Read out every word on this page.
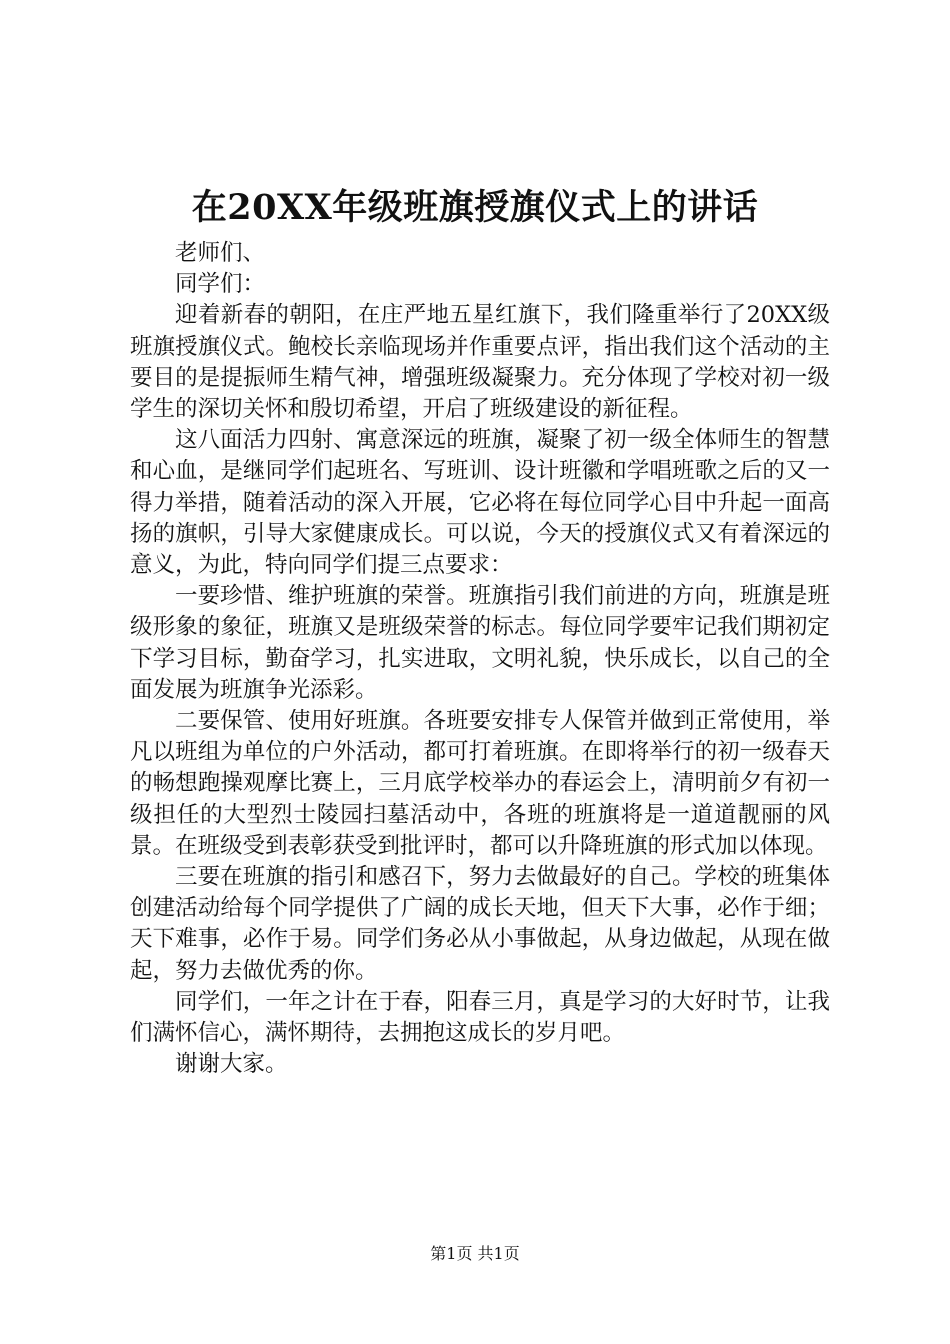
在20XX年级班旗授旗仪式上的讲话

老师们、

同学们：

迎着新春的朝阳，在庄严地五星红旗下，我们隆重举行了20XX级班旗授旗仪式。鲍校长亲临现场并作重要点评，指出我们这个活动的主要目的是提振师生精气神，增强班级凝聚力。充分体现了学校对初一级学生的深切关怀和殷切希望，开启了班级建设的新征程。

这八面活力四射、寓意深远的班旗，凝聚了初一级全体师生的智慧和心血，是继同学们起班名、写班训、设计班徽和学唱班歌之后的又一得力举措，随着活动的深入开展，它必将在每位同学心目中升起一面高扬的旗帜，引导大家健康成长。可以说，今天的授旗仪式又有着深远的意义，为此，特向同学们提三点要求：

一要珍惜、维护班旗的荣誉。班旗指引我们前进的方向，班旗是班级形象的象征，班旗又是班级荣誉的标志。每位同学要牢记我们期初定下学习目标，勤奋学习，扎实进取，文明礼貌，快乐成长，以自己的全面发展为班旗争光添彩。

二要保管、使用好班旗。各班要安排专人保管并做到正常使用，举凡以班组为单位的户外活动，都可打着班旗。在即将举行的初一级春天的畅想跑操观摩比赛上，三月底学校举办的春运会上，清明前夕有初一级担任的大型烈士陵园扫墓活动中，各班的班旗将是一道道靓丽的风景。在班级受到表彰获受到批评时，都可以升降班旗的形式加以体现。

三要在班旗的指引和感召下，努力去做最好的自己。学校的班集体创建活动给每个同学提供了广阔的成长天地，但天下大事，必作于细；天下难事，必作于易。同学们务必从小事做起，从身边做起，从现在做起，努力去做优秀的你。

同学们，一年之计在于春，阳春三月，真是学习的大好时节，让我们满怀信心，满怀期待，去拥抱这成长的岁月吧。

谢谢大家。

第1页 共1页
